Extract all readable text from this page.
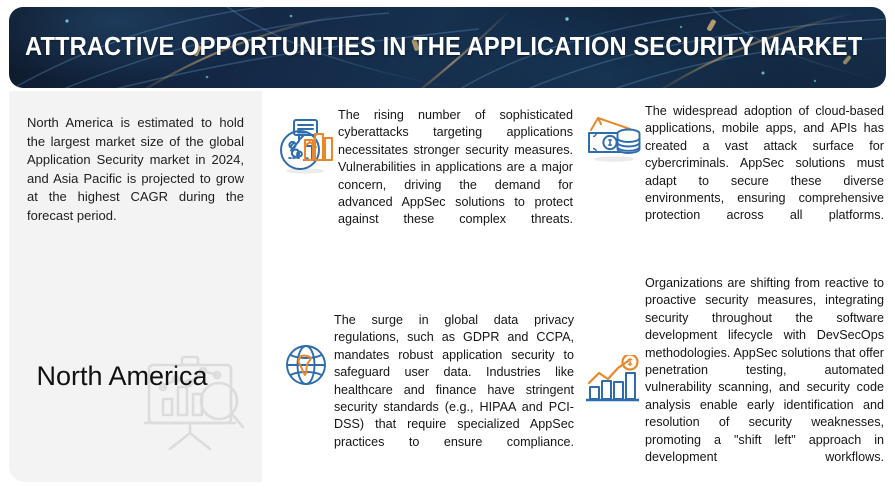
ATTRACTIVE OPPORTUNITIES IN THE APPLICATION SECURITY MARKET
North America is estimated to hold the largest market size of the global Application Security market in 2024, and Asia Pacific is projected to grow at the highest CAGR during the forecast period.
North America
The rising number of sophisticated cyberattacks targeting applications necessitates stronger security measures. Vulnerabilities in applications are a major concern, driving the demand for advanced AppSec solutions to protect against these complex threats.
The surge in global data privacy regulations, such as GDPR and CCPA, mandates robust application security to safeguard user data. Industries like healthcare and finance have stringent security standards (e.g., HIPAA and PCI-DSS) that require specialized AppSec practices to ensure compliance.
The widespread adoption of cloud-based applications, mobile apps, and APIs has created a vast attack surface for cybercriminals. AppSec solutions must adapt to secure these diverse environments, ensuring comprehensive protection across all platforms.
Organizations are shifting from reactive to proactive security measures, integrating security throughout the software development lifecycle with DevSecOps methodologies. AppSec solutions that offer penetration testing, automated vulnerability scanning, and security code analysis enable early identification and resolution of security weaknesses, promoting a "shift left" approach in development workflows.
